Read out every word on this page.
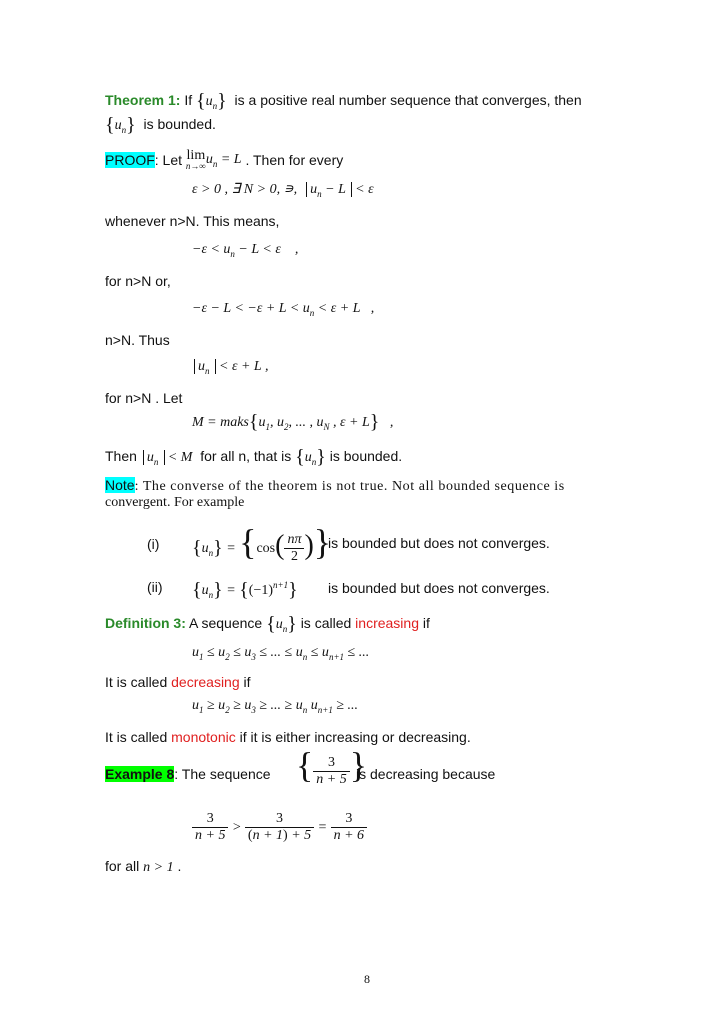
Theorem 1: If $\{u_n\}$ is a positive real number sequence that converges, then
$\{u_n\}$ is bounded.
PROOF: Let lim
n→∞ $u_n = L$ . Then for every
ε > 0 , ∃ N > 0, ∍,  $u_n - L < \varepsilon$
whenever n>N. This means,
$-\varepsilon < u_n - L < \varepsilon$    ,
for n>N or,
$-\varepsilon - L < -\varepsilon + L < u_n < \varepsilon + L$   ,
n>N. Thus
$u_n < \varepsilon + L$ ,
for n>N . Let
$M = maks\{u_1$, $u_2$, ... , $u_N$ , ε + L}   ,
Then $u_n < M$ for all n, that is $\{u_n\}$ is bounded.
Note: The converse of the theorem is not true. Not all bounded sequence is
convergent. For example
(i) $\{u_n\} = \{\cos( \frac{n\pi}{2}$ )}
is bounded but does not converges.
(ii) $\{u_n\} = \{(-1)^{n+1}\}$ is bounded but does not converges.
Definition 3: A sequence $\{u_n\}$ is called increasing if
$u_1 \le u_2 \le u_3$ ≤ ... ≤ $u_n \le u_{n+1}$ ≤ ...
It is called decreasing if
$u_1 \ge u_2 \ge u_3$ ≥ ... ≥ $u_n$ $u_{n+1}$ ≥ ...
It is called monotonic if it is either increasing or decreasing.
Example 8: The sequence { $\frac{3}{n + 5}$ }
is decreasing because
$\frac{3}{n + 5} > \frac{3}{(n + 1) + 5} = \frac{3}{n + 6}$
for all n > 1 .
8
